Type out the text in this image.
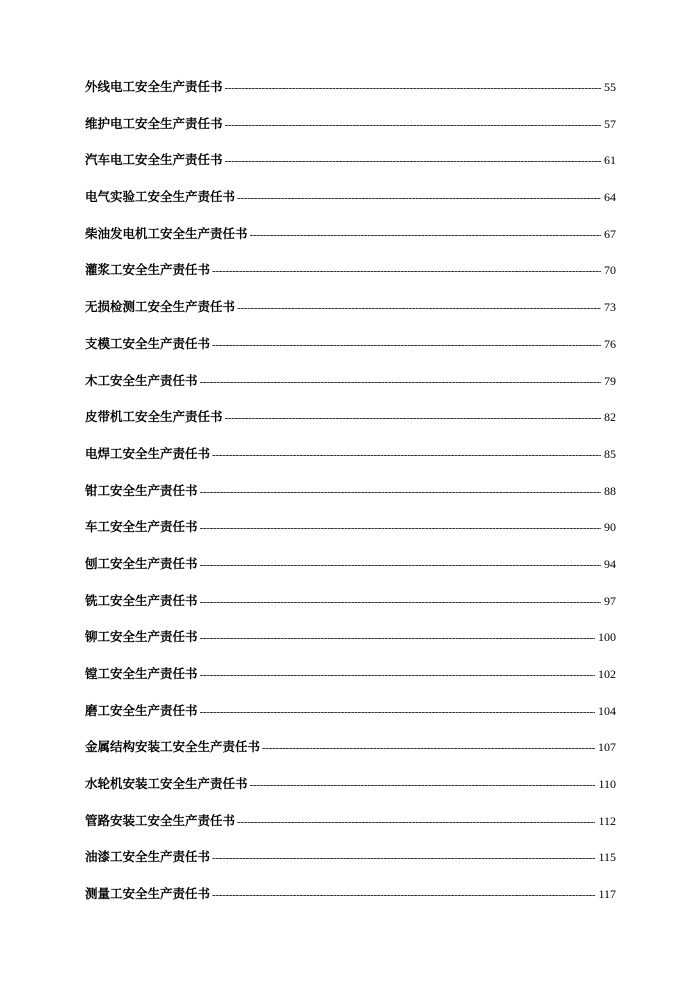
外线电工安全生产责任书 -----	55
维护电工安全生产责任书 -----	57
汽车电工安全生产责任书 -----	61
电气实验工安全生产责任书 -----	64
柴油发电机工安全生产责任书 -----	67
灌浆工安全生产责任书 -----	70
无损检测工安全生产责任书 -----	73
支模工安全生产责任书 -----	76
木工安全生产责任书 -----	79
皮带机工安全生产责任书 -----	82
电焊工安全生产责任书 -----	85
钳工安全生产责任书 -----	88
车工安全生产责任书 -----	90
刨工安全生产责任书 -----	94
铣工安全生产责任书 -----	97
铆工安全生产责任书 -----	100
镗工安全生产责任书 -----	102
磨工安全生产责任书 -----	104
金属结构安装工安全生产责任书 -----	107
水轮机安装工安全生产责任书 -----	110
管路安装工安全生产责任书 -----	112
油漆工安全生产责任书 -----	115
测量工安全生产责任书 -----	117
